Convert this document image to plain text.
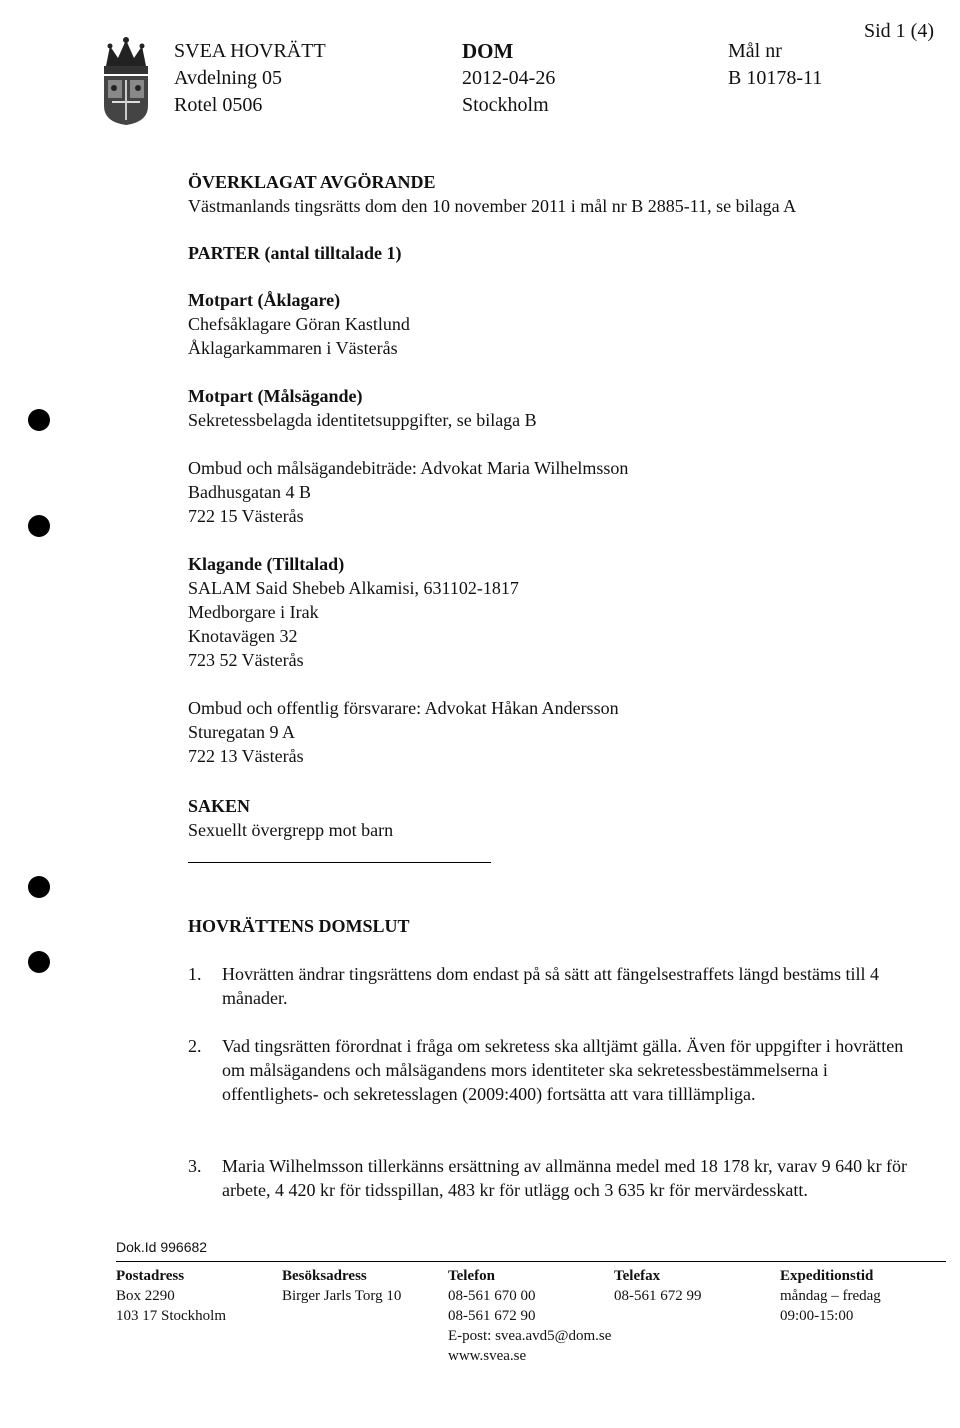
SVEA HOVRÄTT
Avdelning 05
Rotel 0506
DOM
2012-04-26
Stockholm
Mål nr
B 10178-11
Sid 1 (4)
ÖVERKLAGAT AVGÖRANDE
Västmanlands tingsrätts dom den 10 november 2011 i mål nr B 2885-11, se bilaga A
PARTER (antal tilltalade 1)
Motpart (Åklagare)
Chefsåklagare Göran Kastlund
Åklagarkammaren i Västerås
Motpart (Målsägande)
Sekretessbelagda identitetsuppgifter, se bilaga B
Ombud och målsägandebiträde: Advokat Maria Wilhelmsson
Badhusgatan 4 B
722 15 Västerås
Klagande (Tilltalad)
SALAM Said Shebeb Alkamisi, 631102-1817
Medborgare i Irak
Knotavägen 32
723 52 Västerås
Ombud och offentlig försvarare: Advokat Håkan Andersson
Sturegatan 9 A
722 13 Västerås
SAKEN
Sexuellt övergrepp mot barn
HOVRÄTTENS DOMSLUT
1. Hovrätten ändrar tingsrättens dom endast på så sätt att fängelsestraffets längd bestäms till 4 månader.
2. Vad tingsrätten förordnat i fråga om sekretess ska alltjämt gälla. Även för uppgifter i hovrätten om målsägandens och målsägandens mors identiteter ska sekretessbestämmelserna i offentlighets- och sekretesslagen (2009:400) fortsätta att vara tilllämpliga.
3. Maria Wilhelmsson tillerkänns ersättning av allmänna medel med 18 178 kr, varav 9 640 kr för arbete, 4 420 kr för tidsspillan, 483 kr för utlägg och 3 635 kr för mervärdesskatt.
Dok.Id 996682
Postadress
Box 2290
103 17 Stockholm
Besöksadress
Birger Jarls Torg 10
Telefon
08-561 670 00
08-561 672 90
E-post: svea.avd5@dom.se
www.svea.se
Telefax
08-561 672 99
Expeditionstid
måndag – fredag
09:00-15:00
